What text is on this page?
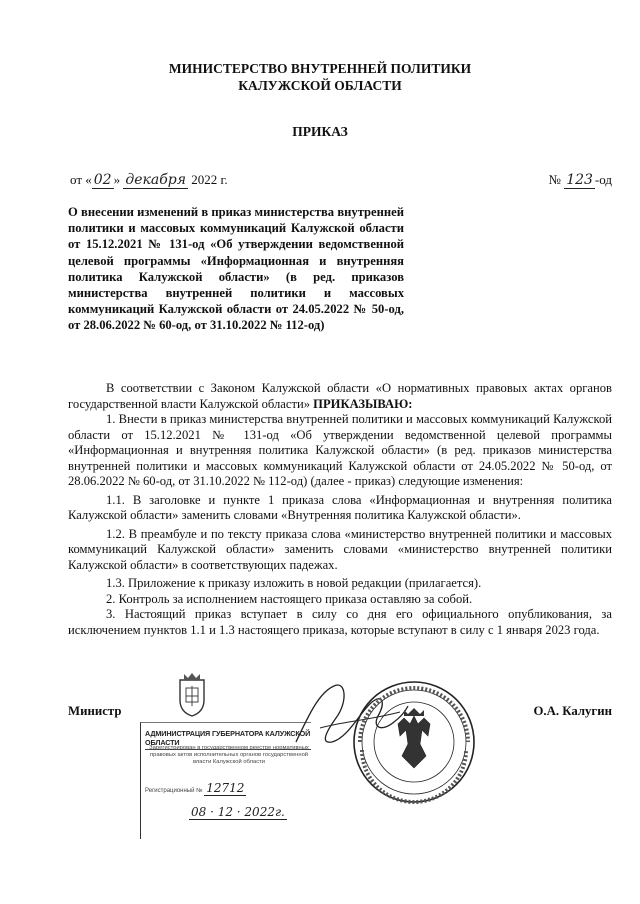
МИНИСТЕРСТВО ВНУТРЕННЕЙ ПОЛИТИКИ
КАЛУЖСКОЙ ОБЛАСТИ
ПРИКАЗ
от « 02 » декабря 2022 г.	№ 123 -од
О внесении изменений в приказ министерства внутренней политики и массовых коммуникаций Калужской области от 15.12.2021 № 131-од «Об утверждении ведомственной целевой программы «Информационная и внутренняя политика Калужской области» (в ред. приказов министерства внутренней политики и массовых коммуникаций Калужской области от 24.05.2022 № 50-од, от 28.06.2022 № 60-од, от 31.10.2022 № 112-од)

В соответствии с Законом Калужской области «О нормативных правовых актах органов государственной власти Калужской области» ПРИКАЗЫВАЮ:

1. Внести в приказ министерства внутренней политики и массовых коммуникаций Калужской области от 15.12.2021 № 131-од «Об утверждении ведомственной целевой программы «Информационная и внутренняя политика Калужской области» (в ред. приказов министерства внутренней политики и массовых коммуникаций Калужской области от 24.05.2022 № 50-од, от 28.06.2022 № 60-од, от 31.10.2022 № 112-од) (далее - приказ) следующие изменения:

1.1. В заголовке и пункте 1 приказа слова «Информационная и внутренняя политика Калужской области» заменить словами «Внутренняя политика Калужской области».

1.2. В преамбуле и по тексту приказа слова «министерство внутренней политики и массовых коммуникаций Калужской области» заменить словами «министерство внутренней политики Калужской области» в соответствующих падежах.

1.3. Приложение к приказу изложить в новой редакции (прилагается).

2. Контроль за исполнением настоящего приказа оставляю за собой.

3. Настоящий приказ вступает в силу со дня его официального опубликования, за исключением пунктов 1.1 и 1.3 настоящего приказа, которые вступают в силу с 1 января 2023 года.

Министр	О.А. Калугин
АДМИНИСТРАЦИЯ ГУБЕРНАТОРА КАЛУЖСКОЙ ОБЛАСТИ
Зарегистрирован в государственном реестре нормативных правовых актов исполнительных органов государственной власти Калужской области
Регистрационный № 12712
08 · 12 · 2022г.
